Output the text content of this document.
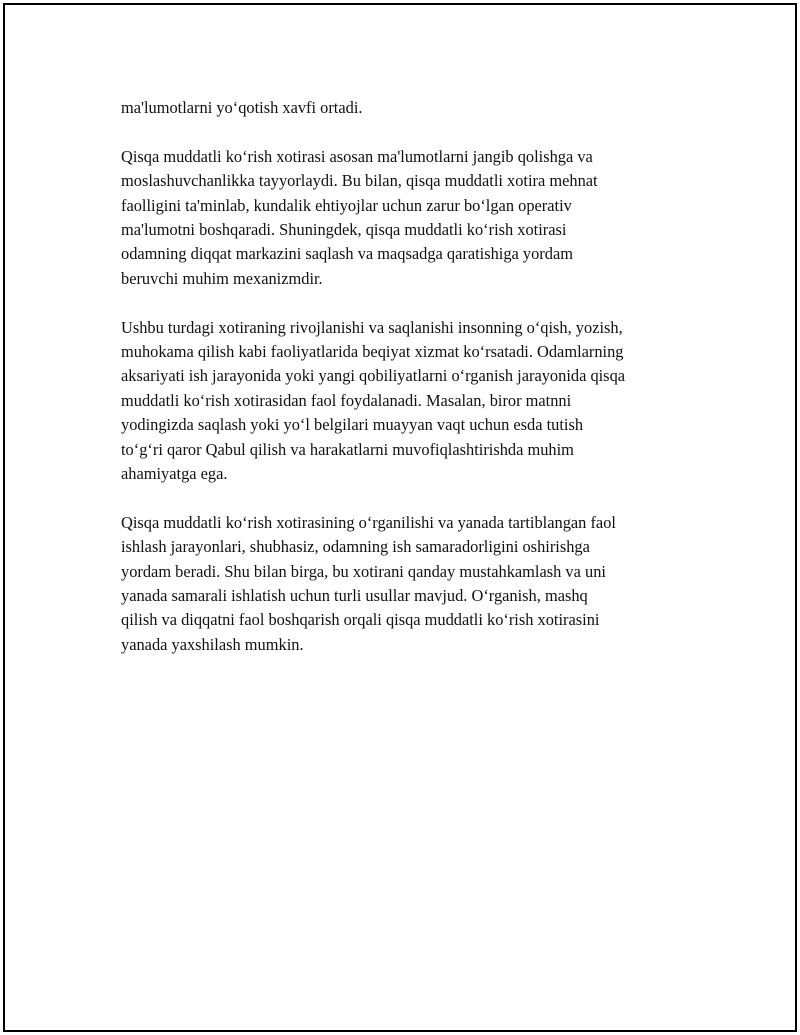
ma'lumotlarni yo‘qotish xavfi ortadi.

Qisqa muddatli ko‘rish xotirasi asosan ma'lumotlarni jangib qolishga va
moslashuvchanlikka tayyorlaydi. Bu bilan, qisqa muddatli xotira mehnat
faolligini ta'minlab, kundalik ehtiyojlar uchun zarur bo‘lgan operativ
ma'lumotni boshqaradi. Shuningdek, qisqa muddatli ko‘rish xotirasi
odamning diqqat markazini saqlash va maqsadga qaratishiga yordam
beruvchi muhim mexanizmdir.

Ushbu turdagi xotiraning rivojlanishi va saqlanishi insonning o‘qish, yozish,
muhokama qilish kabi faoliyatlarida beqiyat xizmat ko‘rsatadi. Odamlarning
aksariyati ish jarayonida yoki yangi qobiliyatlarni o‘rganish jarayonida qisqa
muddatli ko‘rish xotirasidan faol foydalanadi. Masalan, biror matnni
yodingizda saqlash yoki yo‘l belgilari muayyan vaqt uchun esda tutish
to‘g‘ri qaror Qabul qilish va harakatlarni muvofiqlashtirishda muhim
ahamiyatga ega.

Qisqa muddatli ko‘rish xotirasining o‘rganilishi va yanada tartiblangan faol
ishlash jarayonlari, shubhasiz, odamning ish samaradorligini oshirishga
yordam beradi. Shu bilan birga, bu xotirani qanday mustahkamlash va uni
yanada samarali ishlatish uchun turli usullar mavjud. O‘rganish, mashq
qilish va diqqatni faol boshqarish orqali qisqa muddatli ko‘rish xotirasini
yanada yaxshilash mumkin.
